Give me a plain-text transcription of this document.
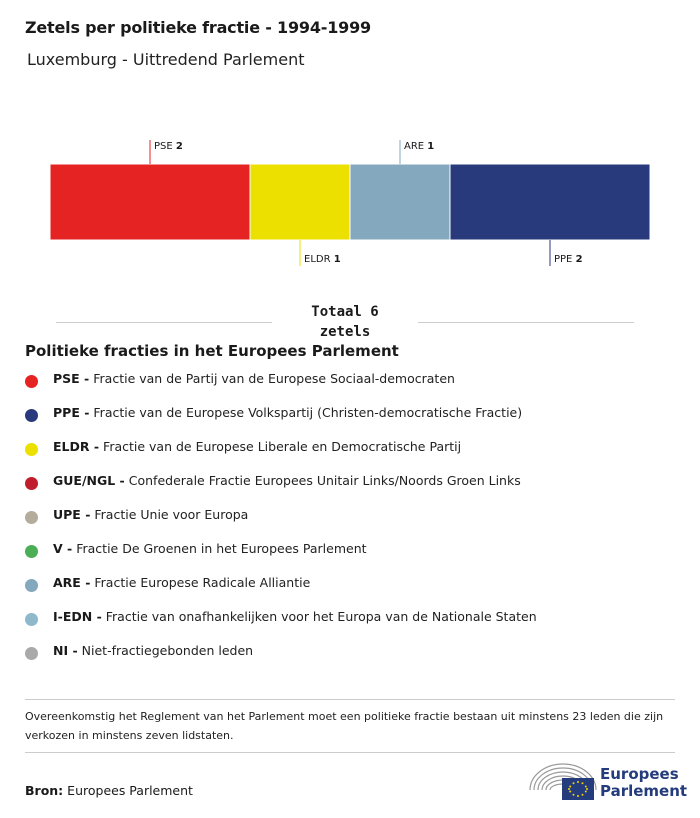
Zetels per politieke fractie - 1994-1999
Luxemburg - Uittredend Parlement
PSE 2
ELDR 1
ARE 1
PPE 2
Totaal 6 zetels
Politieke fracties in het Europees Parlement
PSE - Fractie van de Partij van de Europese Sociaal-democraten
PPE - Fractie van de Europese Volkspartij (Christen-democratische Fractie)
ELDR - Fractie van de Europese Liberale en Democratische Partij
GUE/NGL - Confederale Fractie Europees Unitair Links/Noords Groen Links
UPE - Fractie Unie voor Europa
V - Fractie De Groenen in het Europees Parlement
ARE - Fractie Europese Radicale Alliantie
I-EDN - Fractie van onafhankelijken voor het Europa van de Nationale Staten
NI - Niet-fractiegebonden leden
Overeenkomstig het Reglement van het Parlement moet een politieke fractie bestaan uit minstens 23 leden die zijn verkozen in minstens zeven lidstaten.
Bron: Europees Parlement
Europees
Parlement
